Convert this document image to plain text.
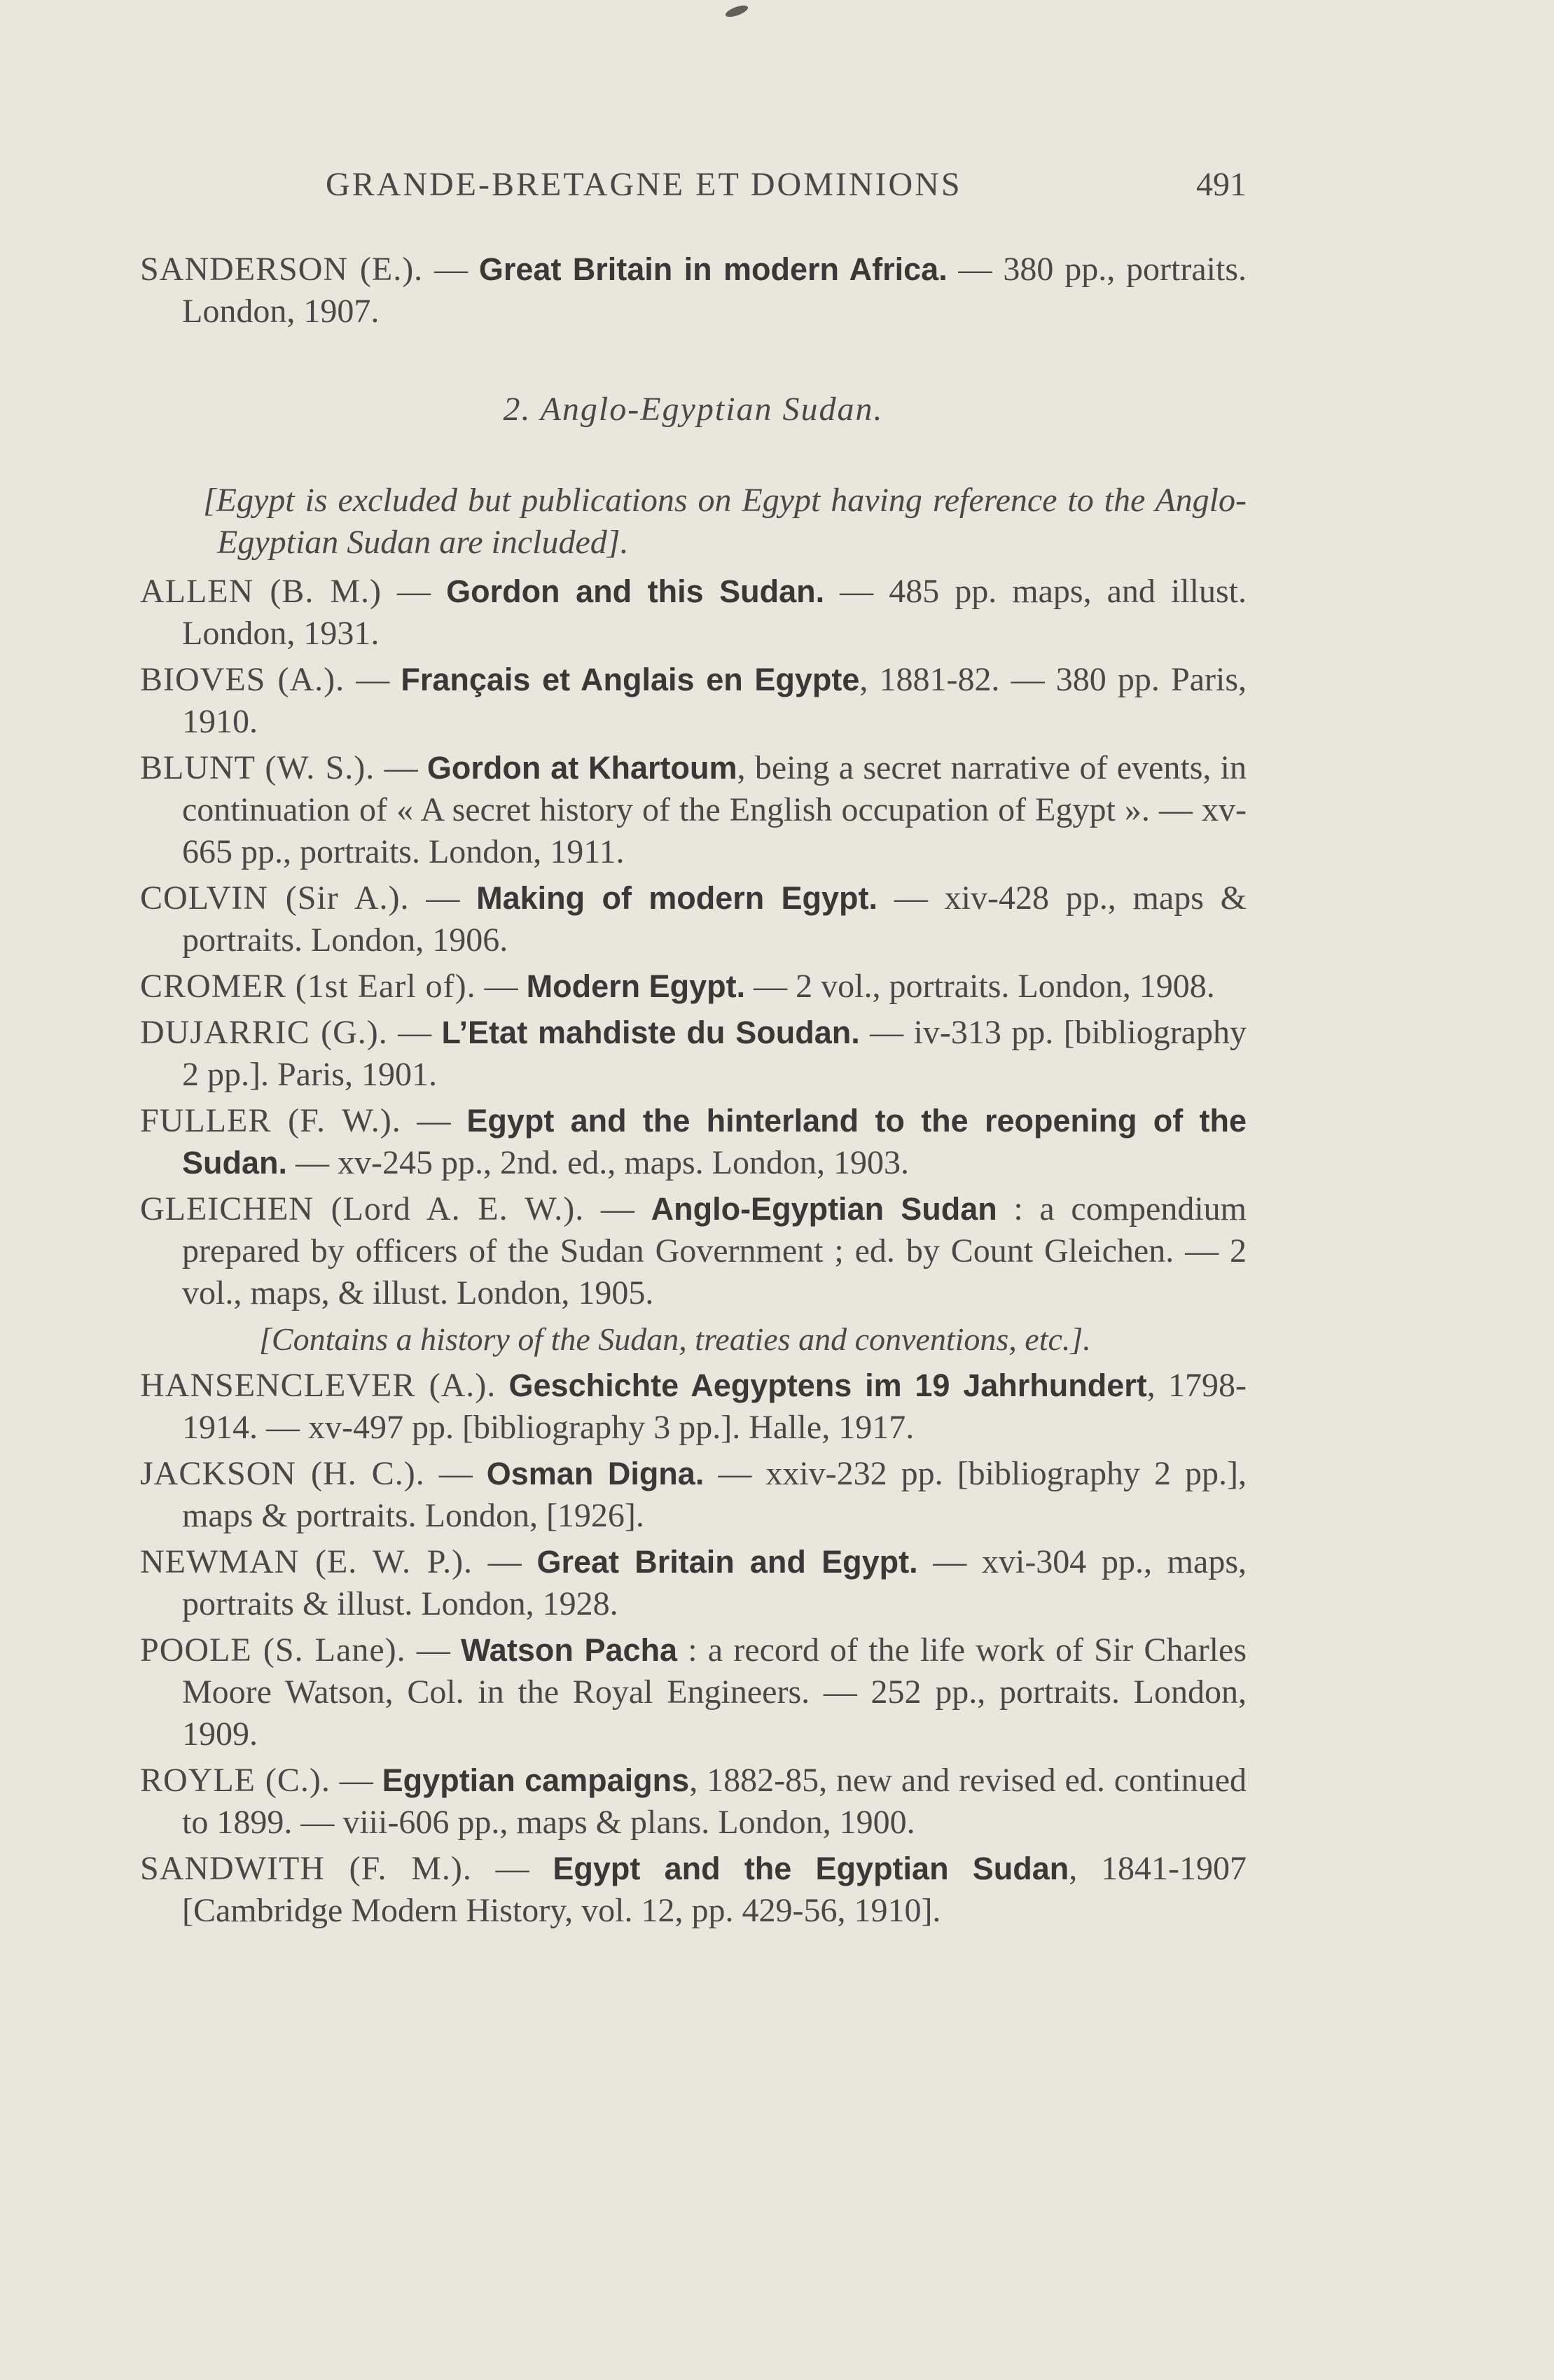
GRANDE-BRETAGNE ET DOMINIONS	491

SANDERSON (E.). — Great Britain in modern Africa. — 380 pp., portraits. London, 1907.

2. Anglo-Egyptian Sudan.

[Egypt is excluded but publications on Egypt having reference to the Anglo-Egyptian Sudan are included].

ALLEN (B. M.) — Gordon and this Sudan. — 485 pp. maps, and illust. London, 1931.

BIOVES (A.). — Français et Anglais en Egypte, 1881-82. — 380 pp. Paris, 1910.

BLUNT (W. S.). — Gordon at Khartoum, being a secret narrative of events, in continuation of « A secret history of the English occupation of Egypt ». — xv-665 pp., portraits. London, 1911.

COLVIN (Sir A.). — Making of modern Egypt. — xiv-428 pp., maps & portraits. London, 1906.

CROMER (1st Earl of). — Modern Egypt. — 2 vol., portraits. London, 1908.

DUJARRIC (G.). — L’Etat mahdiste du Soudan. — iv-313 pp. [bibliography 2 pp.]. Paris, 1901.

FULLER (F. W.). — Egypt and the hinterland to the reopening of the Sudan. — xv-245 pp., 2nd. ed., maps. London, 1903.

GLEICHEN (Lord A. E. W.). — Anglo-Egyptian Sudan : a compendium prepared by officers of the Sudan Government ; ed. by Count Gleichen. — 2 vol., maps, & illust. London, 1905.

[Contains a history of the Sudan, treaties and conventions, etc.].

HANSENCLEVER (A.). Geschichte Aegyptens im 19 Jahrhundert, 1798-1914. — xv-497 pp. [bibliography 3 pp.]. Halle, 1917.

JACKSON (H. C.). — Osman Digna. — xxiv-232 pp. [bibliography 2 pp.], maps & portraits. London, [1926].

NEWMAN (E. W. P.). — Great Britain and Egypt. — xvi-304 pp., maps, portraits & illust. London, 1928.

POOLE (S. Lane). — Watson Pacha : a record of the life work of Sir Charles Moore Watson, Col. in the Royal Engineers. — 252 pp., portraits. London, 1909.

ROYLE (C.). — Egyptian campaigns, 1882-85, new and revised ed. continued to 1899. — viii-606 pp., maps & plans. London, 1900.

SANDWITH (F. M.). — Egypt and the Egyptian Sudan, 1841-1907 [Cambridge Modern History, vol. 12, pp. 429-56, 1910].
